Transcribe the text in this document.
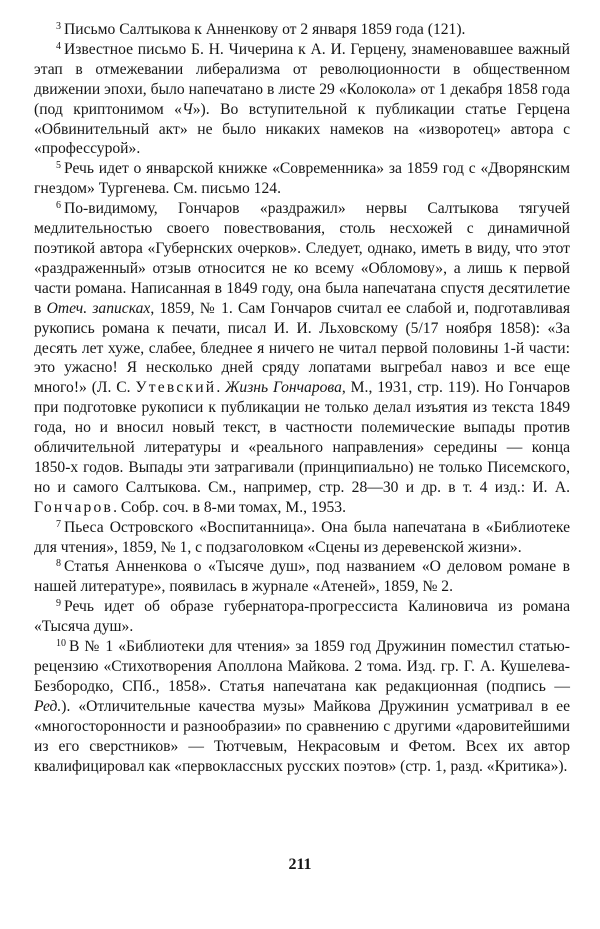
$^3$ Письмо Салтыкова к Анненкову от 2 января 1859 года (121).

$^4$ Известное письмо Б. Н. Чичерина к А. И. Герцену, знаменовавшее важный этап в отмежевании либерализма от революционности в общественном движении эпохи, было напечатано в листе 29 «Колокола» от 1 декабря 1858 года (под криптонимом «Ч»). Во вступительной к публикации статье Герцена «Обвинительный акт» не было никаких намеков на «изворотец» автора с «профессурой».

$^5$ Речь идет о январской книжке «Современника» за 1859 год с «Дворянским гнездом» Тургенева. См. письмо 124.

$^6$ По-видимому, Гончаров «раздражил» нервы Салтыкова тягучей медлительностью своего повествования, столь несхожей с динамичной поэтикой автора «Губернских очерков». Следует, однако, иметь в виду, что этот «раздраженный» отзыв относится не ко всему «Обломову», а лишь к первой части романа. Написанная в 1849 году, она была напечатана спустя десятилетие в Отеч. записках, 1859, № 1. Сам Гончаров считал ее слабой и, подготавливая рукопись романа к печати, писал И. И. Льховскому (5/17 ноября 1858): «За десять лет хуже, слабее, бледнее я ничего не читал первой половины 1-й части: это ужасно! Я несколько дней сряду лопатами выгребал навоз и все еще много!» (Л. С. Утевский. Жизнь Гончарова, М., 1931, стр. 119). Но Гончаров при подготовке рукописи к публикации не только делал изъятия из текста 1849 года, но и вносил новый текст, в частности полемические выпады против обличительной литературы и «реального направления» середины — конца 1850-х годов. Выпады эти затрагивали (принципиально) не только Писемского, но и самого Салтыкова. См., например, стр. 28—30 и др. в т. 4 изд.: И. А. Гончаров. Собр. соч. в 8-ми томах, М., 1953.

$^7$ Пьеса Островского «Воспитанница». Она была напечатана в «Библиотеке для чтения», 1859, № 1, с подзаголовком «Сцены из деревенской жизни».

$^8$ Статья Анненкова о «Тысяче душ», под названием «О деловом романе в нашей литературе», появилась в журнале «Атеней», 1859, № 2.

$^9$ Речь идет об образе губернатора-прогрессиста Калиновича из романа «Тысяча душ».

$^{10}$ В № 1 «Библиотеки для чтения» за 1859 год Дружинин поместил статью-рецензию «Стихотворения Аполлона Майкова. 2 тома. Изд. гр. Г. А. Кушелева-Безбородко, СПб., 1858». Статья напечатана как редакционная (подпись — Ред.). «Отличительные качества музы» Майкова Дружинин усматривал в ее «многосторонности и разнообразии» по сравнению с другими «даровитейшими из его сверстников» — Тютчевым, Некрасовым и Фетом. Всех их автор квалифицировал как «первоклассных русских поэтов» (стр. 1, разд. «Критика»).

211
